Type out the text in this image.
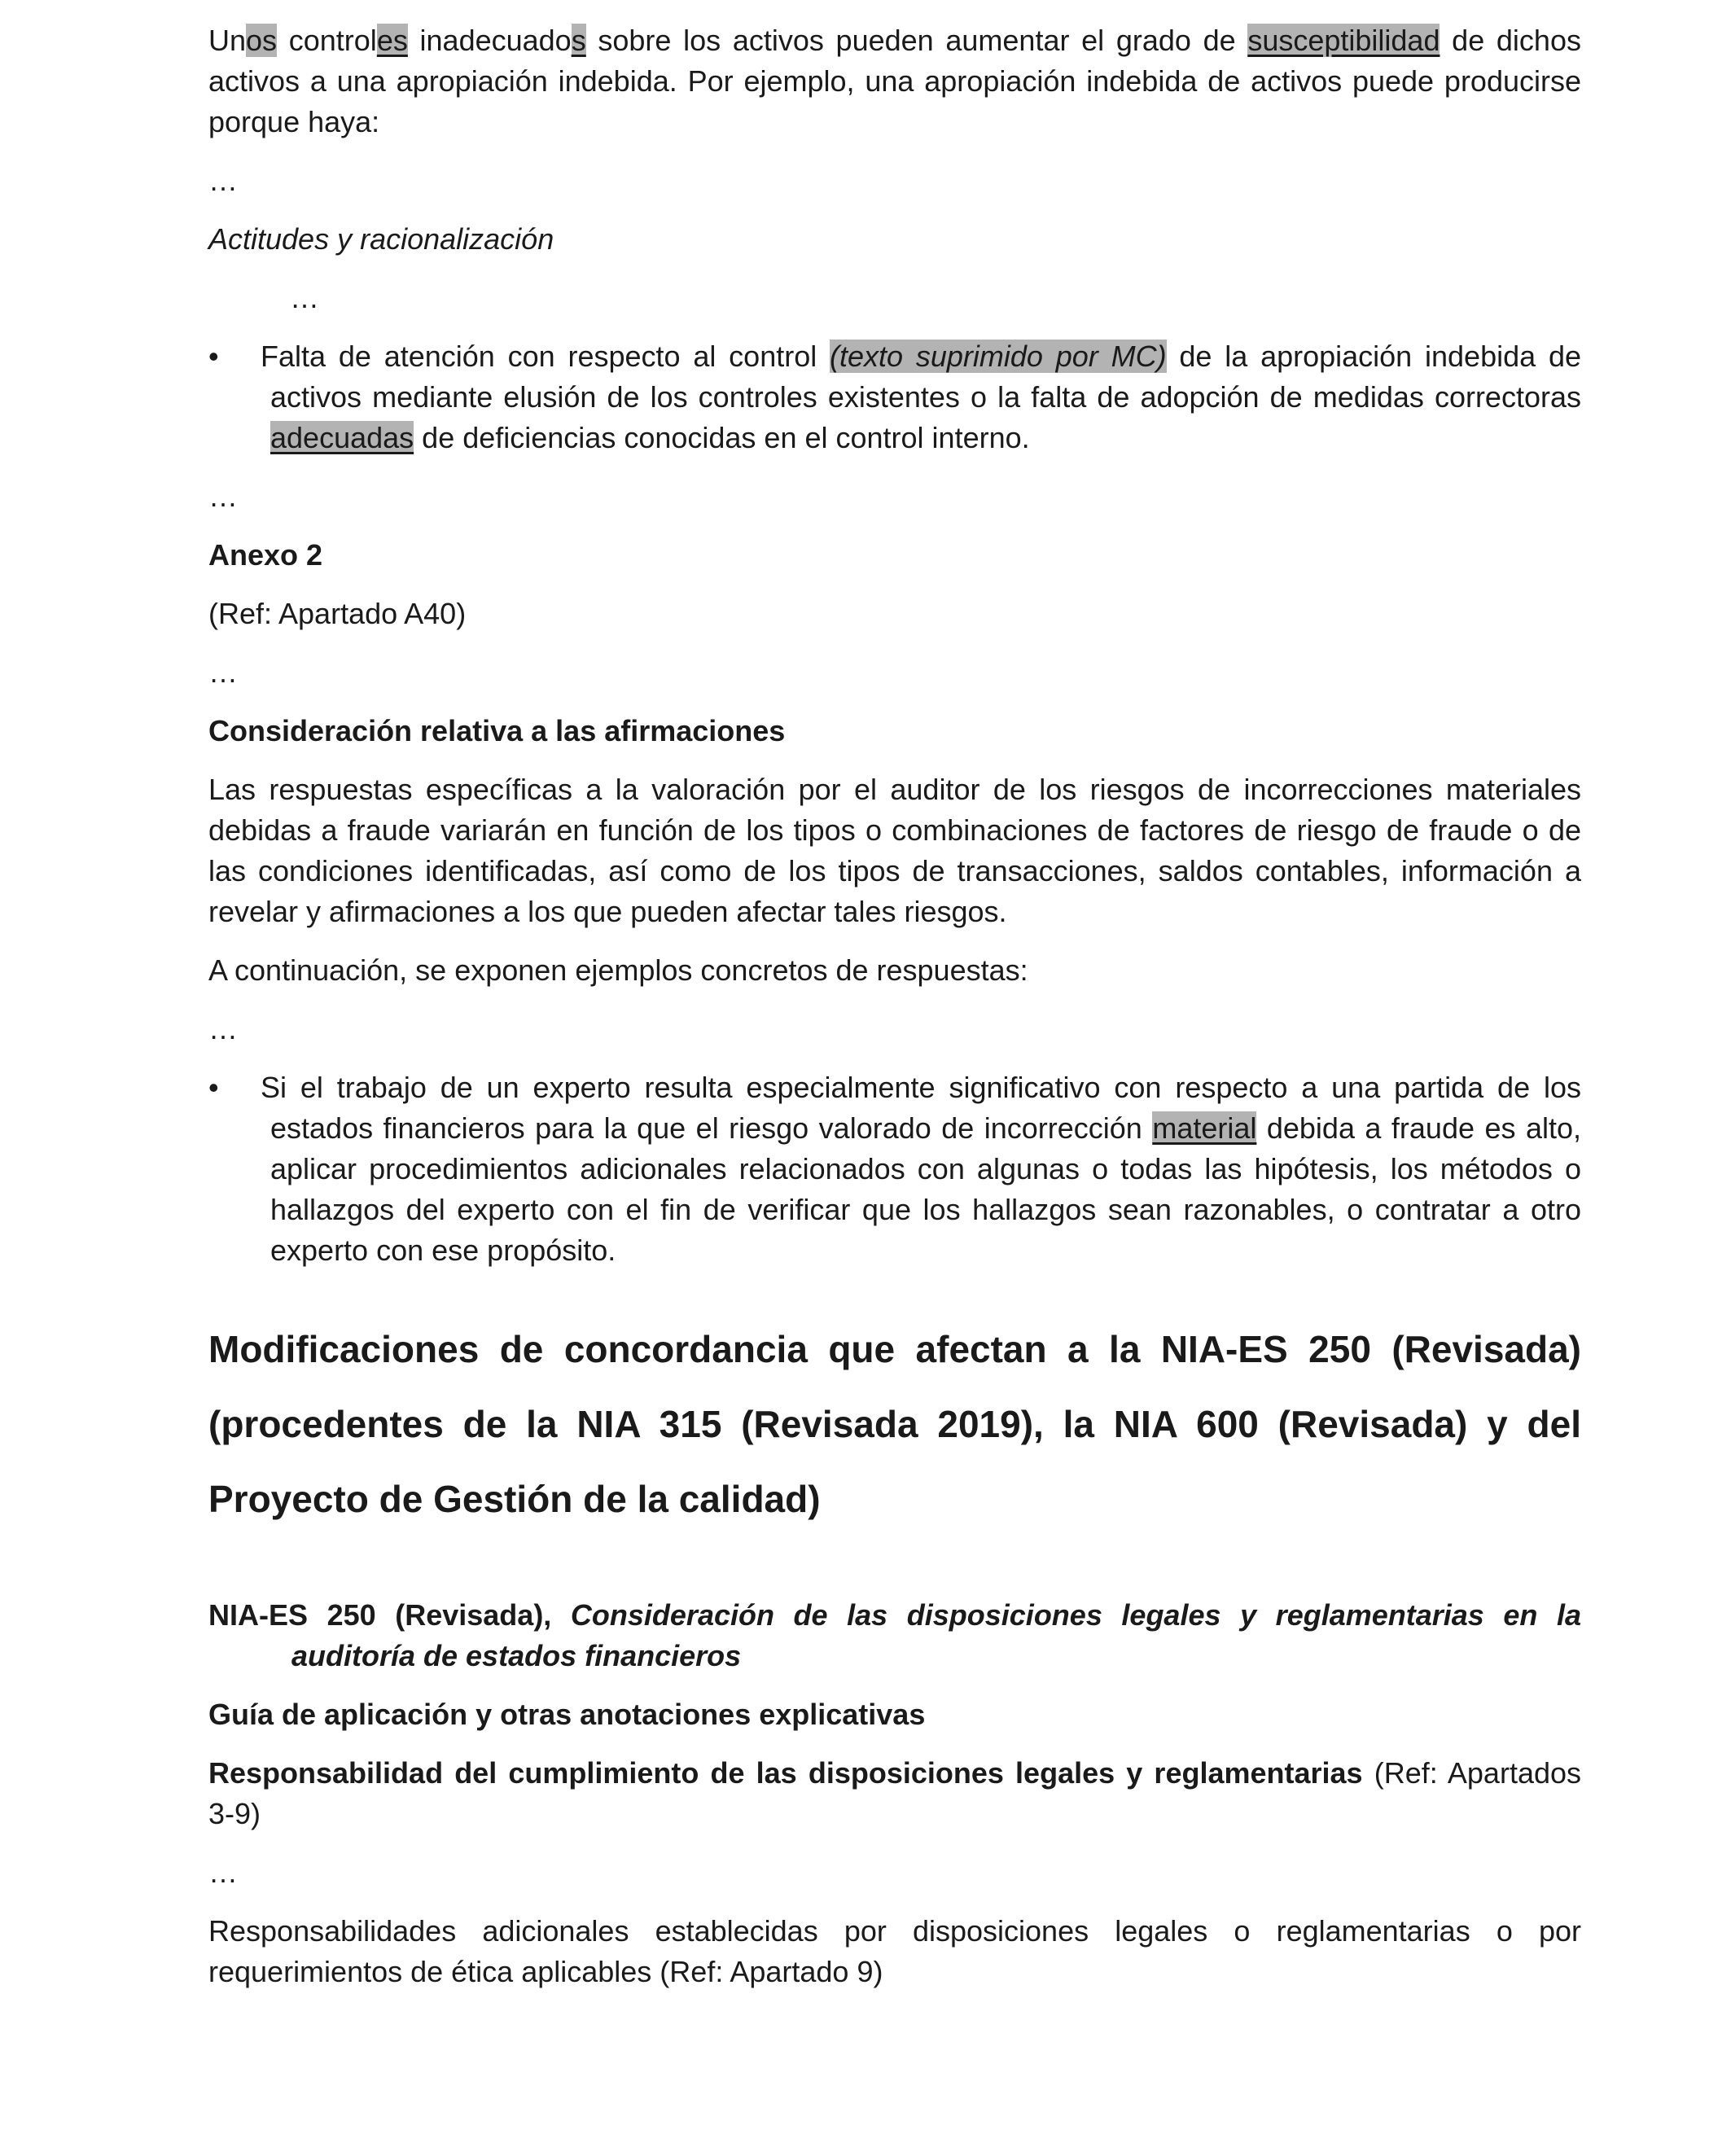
Unos controles inadecuados sobre los activos pueden aumentar el grado de susceptibilidad de dichos activos a una apropiación indebida. Por ejemplo, una apropiación indebida de activos puede producirse porque haya:

…

Actitudes y racionalización

…

• Falta de atención con respecto al control (texto suprimido por MC) de la apropiación indebida de activos mediante elusión de los controles existentes o la falta de adopción de medidas correctoras adecuadas de deficiencias conocidas en el control interno.

…

Anexo 2

(Ref: Apartado A40)

…

Consideración relativa a las afirmaciones

Las respuestas específicas a la valoración por el auditor de los riesgos de incorrecciones materiales debidas a fraude variarán en función de los tipos o combinaciones de factores de riesgo de fraude o de las condiciones identificadas, así como de los tipos de transacciones, saldos contables, información a revelar y afirmaciones a los que pueden afectar tales riesgos.

A continuación, se exponen ejemplos concretos de respuestas:

…

• Si el trabajo de un experto resulta especialmente significativo con respecto a una partida de los estados financieros para la que el riesgo valorado de incorrección material debida a fraude es alto, aplicar procedimientos adicionales relacionados con algunas o todas las hipótesis, los métodos o hallazgos del experto con el fin de verificar que los hallazgos sean razonables, o contratar a otro experto con ese propósito.

Modificaciones de concordancia que afectan a la NIA-ES 250 (Revisada) (procedentes de la NIA 315 (Revisada 2019), la NIA 600 (Revisada) y del Proyecto de Gestión de la calidad)

NIA-ES 250 (Revisada), Consideración de las disposiciones legales y reglamentarias en la auditoría de estados financieros

Guía de aplicación y otras anotaciones explicativas

Responsabilidad del cumplimiento de las disposiciones legales y reglamentarias (Ref: Apartados 3-9)

…

Responsabilidades adicionales establecidas por disposiciones legales o reglamentarias o por requerimientos de ética aplicables (Ref: Apartado 9)
